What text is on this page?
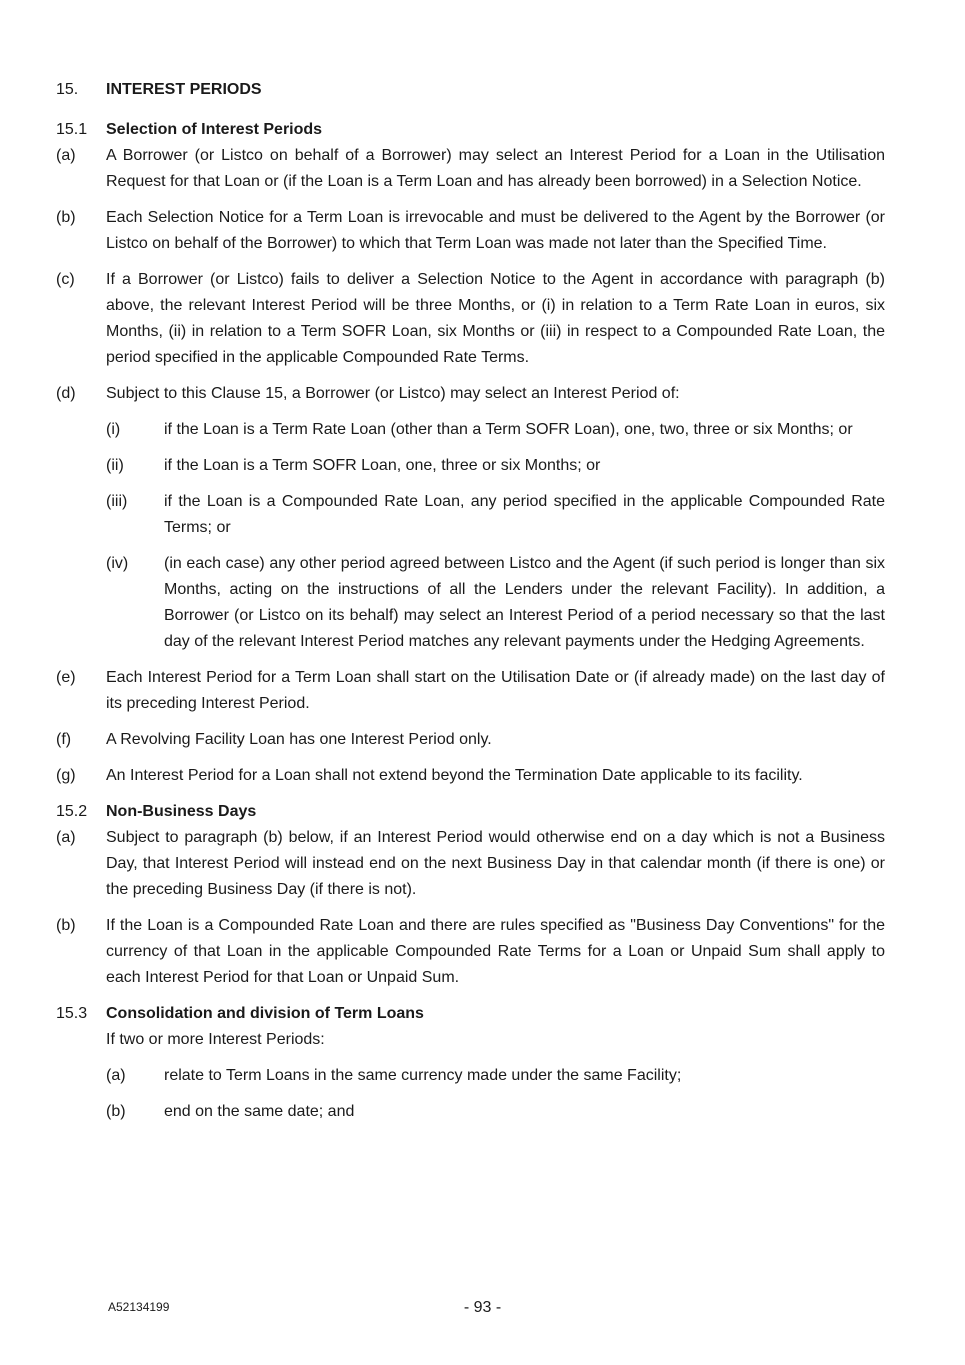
15.	INTEREST PERIODS
15.1	Selection of Interest Periods
(a)	A Borrower (or Listco on behalf of a Borrower) may select an Interest Period for a Loan in the Utilisation Request for that Loan or (if the Loan is a Term Loan and has already been borrowed) in a Selection Notice.
(b)	Each Selection Notice for a Term Loan is irrevocable and must be delivered to the Agent by the Borrower (or Listco on behalf of the Borrower) to which that Term Loan was made not later than the Specified Time.
(c)	If a Borrower (or Listco) fails to deliver a Selection Notice to the Agent in accordance with paragraph (b) above, the relevant Interest Period will be three Months, or (i) in relation to a Term Rate Loan in euros, six Months, (ii) in relation to a Term SOFR Loan, six Months or (iii) in respect to a Compounded Rate Loan, the period specified in the applicable Compounded Rate Terms.
(d)	Subject to this Clause 15, a Borrower (or Listco) may select an Interest Period of:
(i)	if the Loan is a Term Rate Loan (other than a Term SOFR Loan), one, two, three or six Months; or
(ii)	if the Loan is a Term SOFR Loan, one, three or six Months; or
(iii)	if the Loan is a Compounded Rate Loan, any period specified in the applicable Compounded Rate Terms; or
(iv)	(in each case) any other period agreed between Listco and the Agent (if such period is longer than six Months, acting on the instructions of all the Lenders under the relevant Facility). In addition, a Borrower (or Listco on its behalf) may select an Interest Period of a period necessary so that the last day of the relevant Interest Period matches any relevant payments under the Hedging Agreements.
(e)	Each Interest Period for a Term Loan shall start on the Utilisation Date or (if already made) on the last day of its preceding Interest Period.
(f)	A Revolving Facility Loan has one Interest Period only.
(g)	An Interest Period for a Loan shall not extend beyond the Termination Date applicable to its facility.
15.2	Non-Business Days
(a)	Subject to paragraph (b) below, if an Interest Period would otherwise end on a day which is not a Business Day, that Interest Period will instead end on the next Business Day in that calendar month (if there is one) or the preceding Business Day (if there is not).
(b)	If the Loan is a Compounded Rate Loan and there are rules specified as "Business Day Conventions" for the currency of that Loan in the applicable Compounded Rate Terms for a Loan or Unpaid Sum shall apply to each Interest Period for that Loan or Unpaid Sum.
15.3	Consolidation and division of Term Loans
If two or more Interest Periods:
(a)	relate to Term Loans in the same currency made under the same Facility;
(b)	end on the same date; and
A52134199	- 93 -
